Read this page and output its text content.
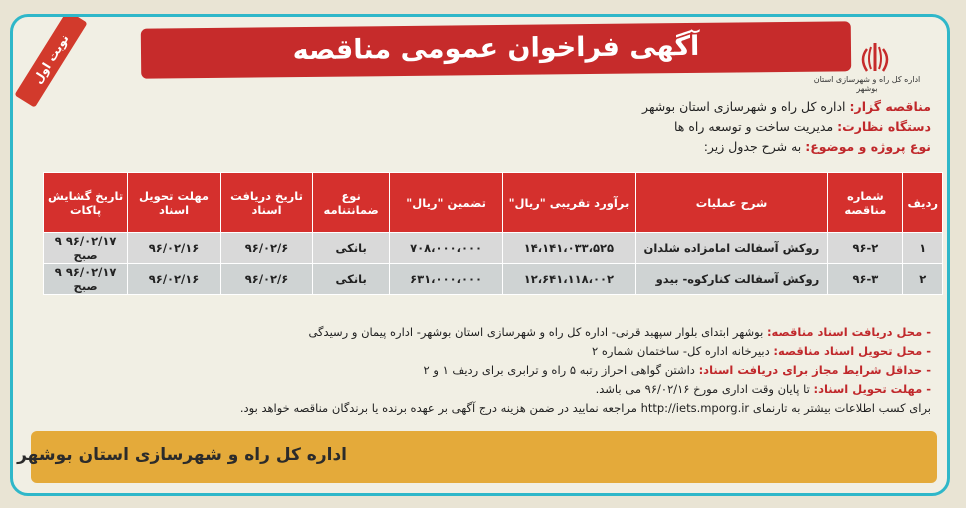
آگهی فراخوان عمومی مناقصه
اداره کل راه و شهرسازی استان بوشهر
نوبت اول
مناقصه گزار: اداره کل راه و شهرسازی استان بوشهر
دستگاه نظارت: مدیریت ساخت و توسعه راه ها
نوع پروژه و موضوع: به شرح جدول زیر:
ردیف	شماره مناقصه	شرح عملیات	برآورد تقریبی "ریال"	تضمین "ریال"	نوع ضمانتنامه	تاریخ دریافت اسناد	مهلت تحویل اسناد	تاریخ گشایش پاکات
۱	۹۶-۲	روکش آسفالت امامزاده شلدان	۱۴،۱۴۱،۰۳۳،۵۲۵	۷۰۸،۰۰۰،۰۰۰	بانکی	۹۶/۰۲/۶	۹۶/۰۲/۱۶	۹۶/۰۲/۱۷ ۹ صبح
۲	۹۶-۳	روکش آسفالت کنارکوه- بیدو	۱۲،۶۴۱،۱۱۸،۰۰۲	۶۳۱،۰۰۰،۰۰۰	بانکی	۹۶/۰۲/۶	۹۶/۰۲/۱۶	۹۶/۰۲/۱۷ ۹ صبح
- محل دریافت اسناد مناقصه: بوشهر ابتدای بلوار سپهبد قرنی- اداره کل راه و شهرسازی استان بوشهر- اداره پیمان و رسیدگی
- محل تحویل اسناد مناقصه: دبیرخانه اداره کل- ساختمان شماره ۲
- حداقل شرایط مجاز برای دریافت اسناد: داشتن گواهی احراز رتبه ۵ راه و ترابری برای ردیف ۱ و ۲
- مهلت تحویل اسناد: تا پایان وقت اداری مورخ ۹۶/۰۲/۱۶ می باشد.
برای کسب اطلاعات بیشتر به تارنمای http://iets.mporg.ir مراجعه نمایید در ضمن هزینه درج آگهی بر عهده برنده یا برندگان مناقصه خواهد بود.
اداره کل راه و شهرسازی استان بوشهر
